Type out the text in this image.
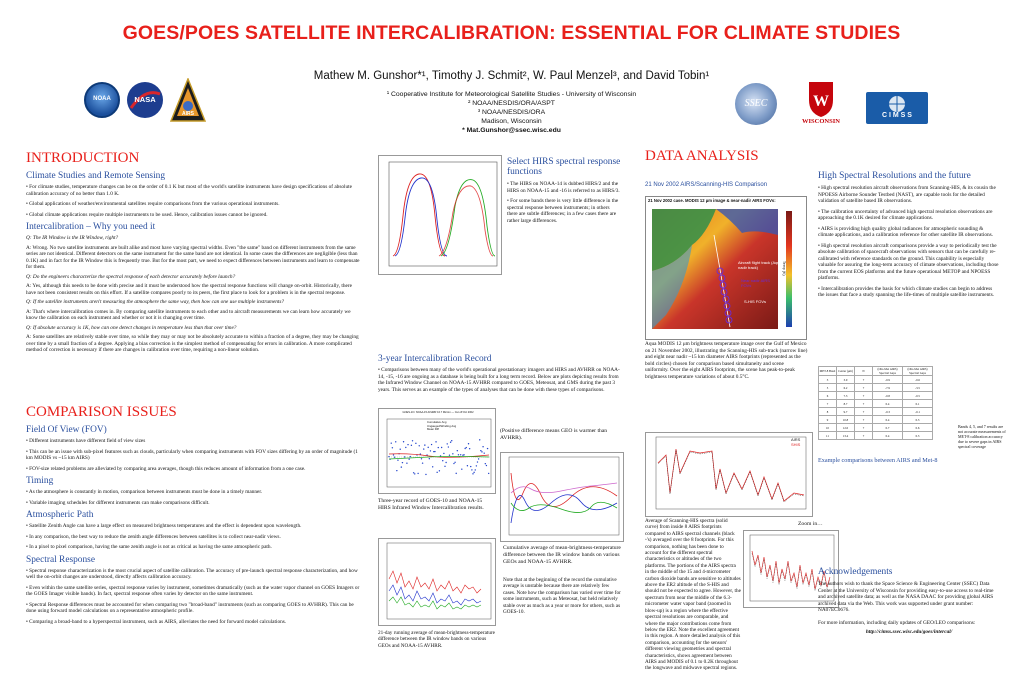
GOES/POES SATELLITE INTERCALIBRATION: ESSENTIAL FOR CLIMATE STUDIES
Mathew M. Gunshor*¹, Timothy J. Schmit², W. Paul Menzel³, and David Tobin¹
¹ Cooperative Institute for Meteorological Satellite Studies - University of Wisconsin
² NOAA/NESDIS/ORA/ASPT
³ NOAA/NESDIS/ORA
Madison, Wisconsin
* Mat.Gunshor@ssec.wisc.edu
NOAA	NASA
AIRS
SSEC	W
WISCONSIN
C I M S S
INTRODUCTION
Climate Studies and Remote Sensing
• For climate studies, temperature changes can be on the order of 0.1 K but most of the world's satellite instruments have design specifications of absolute calibration accuracy of no better than 1.0 K.
• Global applications of weather/environmental satellites require comparisons from the various operational instruments.
• Global climate applications require multiple instruments to be used. Hence, calibration issues cannot be ignored.
Intercalibration – Why you need it
Q: The IR Window is the IR Window, right?
A: Wrong. No two satellite instruments are built alike and most have varying spectral widths. Even "the same" band on different instruments from the same series are not identical. Different detectors on the same instrument for the same band are not identical. In some cases the differences are negligible (less than 0.1K) and in fact for the IR Window this is frequently true. But for the most part, we need to expect differences between instruments and learn to compensate for them.
Q: Do the engineers characterize the spectral response of each detector accurately before launch?
A: Yes, although this needs to be done with precise and it must be understood how the spectral response functions will change on-orbit. Historically, there have not been consistent results on this effort. If a satellite compares poorly to its peers, the first place to look for a problem is in the spectral response.
Q: If the satellite instruments aren't measuring the atmosphere the same way, then how can one use multiple instruments?
A: That's where intercalibration comes in. By comparing satellite instruments to each other and to aircraft measurements we can learn how accurately we know the calibration on each instrument and whether or not it is changing over time.
Q: If absolute accuracy is 1K, how can one detect changes in temperature less than that over time?
A: Some satellites are relatively stable over time, so while they may or may not be absolutely accurate to within a fraction of a degree, they may be changing over time by a small fraction of a degree. Applying a bias correction is the simplest method of compensating for errors in calibration. A more complicated method of correction is necessary if there are changes in calibration over time, requiring a non-linear solution.
COMPARISON ISSUES
Field Of View (FOV)
• Different instruments have different field of view sizes
• This can be an issue with sub-pixel features such as clouds, particularly when comparing instruments with FOV sizes differing by an order of magnitude (1 km MODIS vs ~15 km AIRS)
• FOV-size related problems are alleviated by comparing area averages, though this reduces amount of information from a one case.
Timing
• As the atmosphere is constantly in motion, comparison between instruments must be done in a timely manner.
• Variable imaging schedules for different instruments can make comparisons difficult.
Atmospheric Path
• Satellite Zenith Angle can have a large effect on measured brightness temperatures and the effect is dependent upon wavelength.
• In any comparison, the best way to reduce the zenith angle differences between satellites is to collect near-nadir views.
• In a pixel to pixel comparison, having the same zenith angle is not as critical as having the same atmospheric path.
Spectral Response
• Spectral response characterization is the most crucial aspect of satellite calibration. The accuracy of pre-launch spectral response characterization, and how well the on-orbit changes are understood, directly affects calibration accuracy.
• Even within the same satellite series, spectral response varies by instrument, sometimes dramatically (such as the water vapor channel on GOES Imagers or the GOES Imager visible bands). In fact, spectral response often varies by detector on the same instrument.
• Spectral Response differences must be accounted for when comparing two "broad-band" instruments (such as comparing GOES to AVHRR). This can be done using forward model calculations on a representative atmospheric profile.
• Comparing a broad-band to a hyperspectral instrument, such as AIRS, alleviates the need for forward model calculations.
Select HIRS spectral response functions
• The HIRS on NOAA-14 is dubbed HIRS/2 and the HIRS on NOAA-15 and -16 is referred to as HIRS/3.
• For some bands there is very little difference in the spectral response between instruments; in others there are subtle differences; in a few cases there are rather large differences.
3-year Intercalibration Record
• Comparisons between many of the world's operational geostationary imagers and HIRS and AVHRR on NOAA-14, -15, -16 are ongoing as a database is being built for a long term record. Below are plots depicting results from the Infrared Window Channel on NOAA-15 AVHRR compared to GOES, Meteosat, and GMS during the past 3 years. This serves as an example of the types of analyses that can be done with these types of comparisons.
GOES-10 / NOAA-15 AVHRR 10.7 Micron — Cut off Oct 2002
Cumulative Avg
Ungauged/Winding Avg
Mean Diff	(Positive difference means GEO is warmer than AVHRR).
Three-year record of GOES-10 and NOAA-15 HIRS Infrared Window Intercalibration results.
Cumulative average of mean-brightness-temperature difference between the IR window bands on various GEOs and NOAA-15 AVHRR.
Note that at the beginning of the record the cumulative average is unstable because there are relatively few cases. Note how the comparison has varied over time for some instruments, such as Meteosat, but held relatively stable over as much as a year or more for others, such as GOES-10.
21-day running average of mean-brightness-temperature difference between the IR window bands on various GEOs and NOAA-15 AVHRR.
DATA ANALYSIS
21 Nov 2002 AIRS/Scanning-HIS Comparison
21 Nov 2002 case. MODIS 12 μm image & near-nadir AIRS FOVs:
Aircraft flight track (Aqua nadir track)
Near nadir AIRS FOVs
S-HIS FOVs
Temp (K)
Aqua MODIS 12 μm brightness temperature image over the Gulf of Mexico on 21 November 2002, illustrating the Scanning-HIS sub-track (narrow line) and eight near nadir ~15 km diameter AIRS footprints (represented as the bold circles) chosen for comparison based simultaneity and scene uniformity. Over the eight AIRS footprints, the scene has peak-to-peak brightness temperature variations of about 0.5°C.
AIRS
SHIS
Zoom in…
Average of Scanning-HIS spectra (solid curve) from inside 8 AIRS footprints compared to AIRS spectral channels (black ◦'s) averaged over the 8 footprints. For this comparison, nothing has been done to account for the different spectral characteristics or altitudes of the two platforms. The portions of the AIRS spectra in the middle of the 15 and 4-micrometer carbon dioxide bands are sensitive to altitudes above the ER2 altitude of the S-HIS and should not be expected to agree. However, the spectrum from near the middle of the 6.3-micrometer water vapor band (zoomed in blow-up) is a region where the effective spectral resolutions are comparable, and where the major contributions come from below the ER2. Note the excellent agreement in this region. A more detailed analysis of this comparison, accounting for the sensors' different viewing geometries and spectral characteristics, shows agreement between AIRS and MODIS of 0.1 to 0.2K throughout the longwave and midwave spectral regions.
High Spectral Resolutions and the future
• High spectral resolution aircraft observations from Scanning-HIS, & its cousin the NPOESS Airborne Sounder Testbed (NAST), are capable tools for the detailed validation of satellite based IR observations.
• The calibration uncertainty of advanced high spectral resolution observations are approaching the 0.1K desired for climate applications.
• AIRS is providing high quality global radiances for atmospheric sounding & climate applications, and a calibration reference for other satellite IR observations.
• High spectral resolution aircraft comparisons provide a way to periodically test the absolute calibration of spacecraft observations with sensors that can be carefully re-calibrated with reference standards on the ground. This capability is especially valuable for assuring the long-term accuracy of climate observations, including those from the current EOS platforms and the future operational METOP and NPOESS platforms.
• Intercalibration provides the basis for which climate studies can begin to address the issues that face a study spanning the life-times of multiple satellite instruments.
MET-8 Band	Center (μm)	N	(Obs-Met AIRS) Spectral Gaps	(Obs-Met AIRS) Spectral Gaps
3	3.9	7	-0.9	-0.6
5	6.2	7	-7.9	-3.5
6	7.3	7	-0.8	-0.5
7	8.7	7	0.4	0.1
8	9.7	7	-0.3	-0.1
9	10.8	7	0.4	0.3
10	12.0	7	0.7	0.6
11	13.4	7	0.4	0.3
Bands 4, 5, and 7 results are not accurate measurements of MET-8 calibration accuracy due to severe gaps in AIRS spectral coverage
Example comparisons between AIRS and Met-8
Acknowledgements
The authors wish to thank the Space Science & Engineering Center (SSEC) Data Center at the University of Wisconsin for providing easy-to-use access to real-time and archived satellite data; as well as the NASA DAAC for providing global AIRS archived data via the Web. This work was supported under grant number: NA07EC0676.
For more information, including daily updates of GEO/LEO comparisons:
http://cimss.ssec.wisc.edu/goes/intercal/
